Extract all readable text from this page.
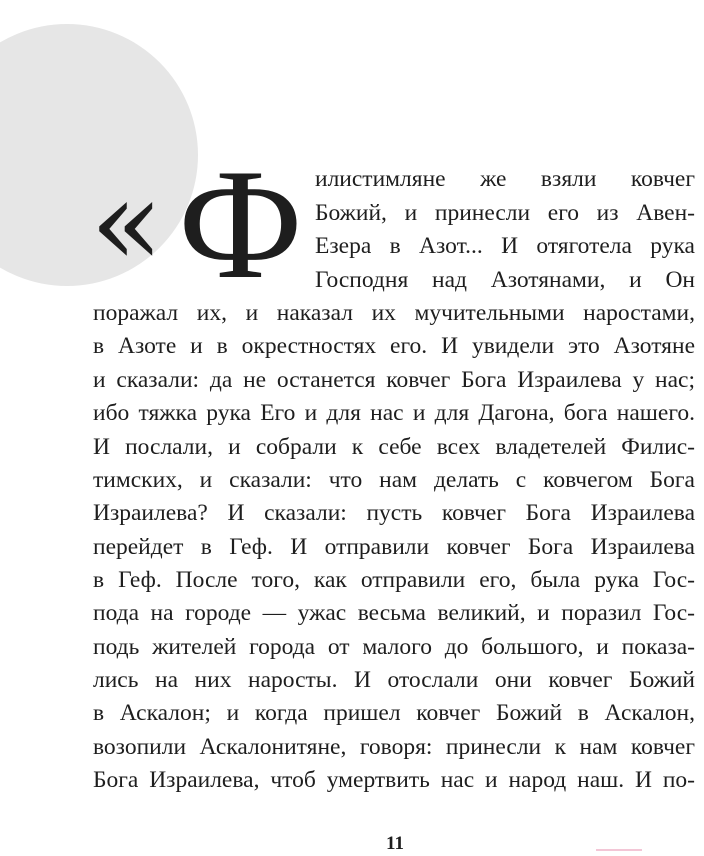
« Ф илистимляне же взяли ковчег
Божий, и принесли его из Авен-
Езера в Азот... И отяготела рука
Господня над Азотянами, и Он
поражал их, и наказал их мучительными наростами,
в Азоте и в окрестностях его. И увидели это Азотяне
и сказали: да не останется ковчег Бога Израилева у нас;
ибо тяжка рука Его и для нас и для Дагона, бога нашего.
И послали, и собрали к себе всех владетелей Филис-
тимских, и сказали: что нам делать с ковчегом Бога
Израилева? И сказали: пусть ковчег Бога Израилева
перейдет в Геф. И отправили ковчег Бога Израилева
в Геф. После того, как отправили его, была рука Гос-
пода на городе — ужас весьма великий, и поразил Гос-
подь жителей города от малого до большого, и показа-
лись на них наросты. И отослали они ковчег Божий
в Аскалон; и когда пришел ковчег Божий в Аскалон,
возопили Аскалонитяне, говоря: принесли к нам ковчег
Бога Израилева, чтоб умертвить нас и народ наш. И по-
11
